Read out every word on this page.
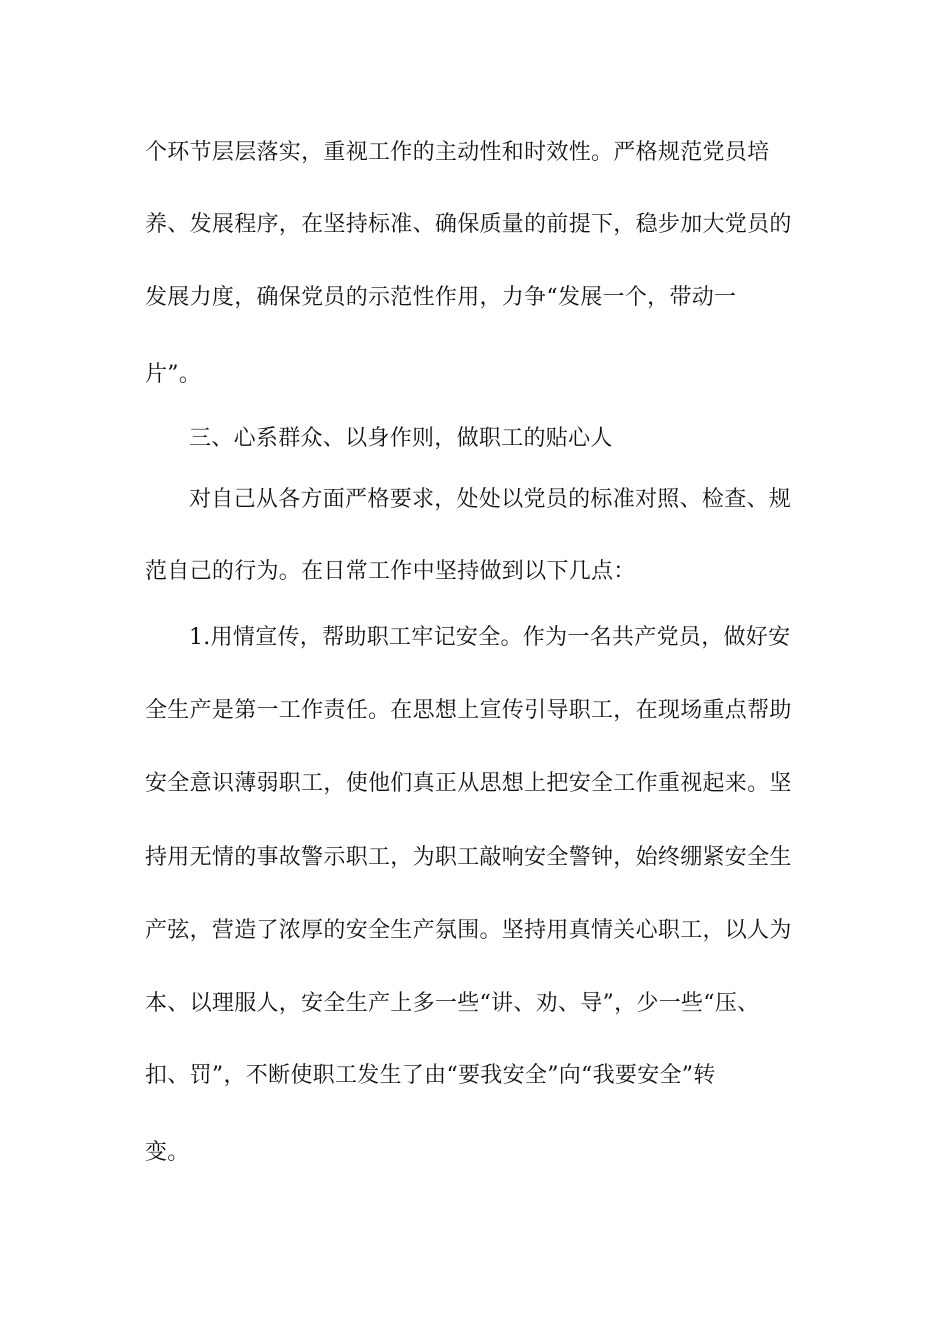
个环节层层落实，重视工作的主动性和时效性。严格规范党员培
养、发展程序，在坚持标准、确保质量的前提下，稳步加大党员的
发展力度，确保党员的示范性作用，力争“发展一个，带动一
片”。
三、心系群众、以身作则，做职工的贴心人
对自己从各方面严格要求，处处以党员的标准对照、检查、规
范自己的行为。在日常工作中坚持做到以下几点：
1.用情宣传，帮助职工牢记安全。作为一名共产党员，做好安
全生产是第一工作责任。在思想上宣传引导职工，在现场重点帮助
安全意识薄弱职工，使他们真正从思想上把安全工作重视起来。坚
持用无情的事故警示职工，为职工敲响安全警钟，始终绷紧安全生
产弦，营造了浓厚的安全生产氛围。坚持用真情关心职工，以人为
本、以理服人，安全生产上多一些“讲、劝、导”，少一些“压、
扣、罚”，不断使职工发生了由“要我安全”向“我要安全”转
变。
